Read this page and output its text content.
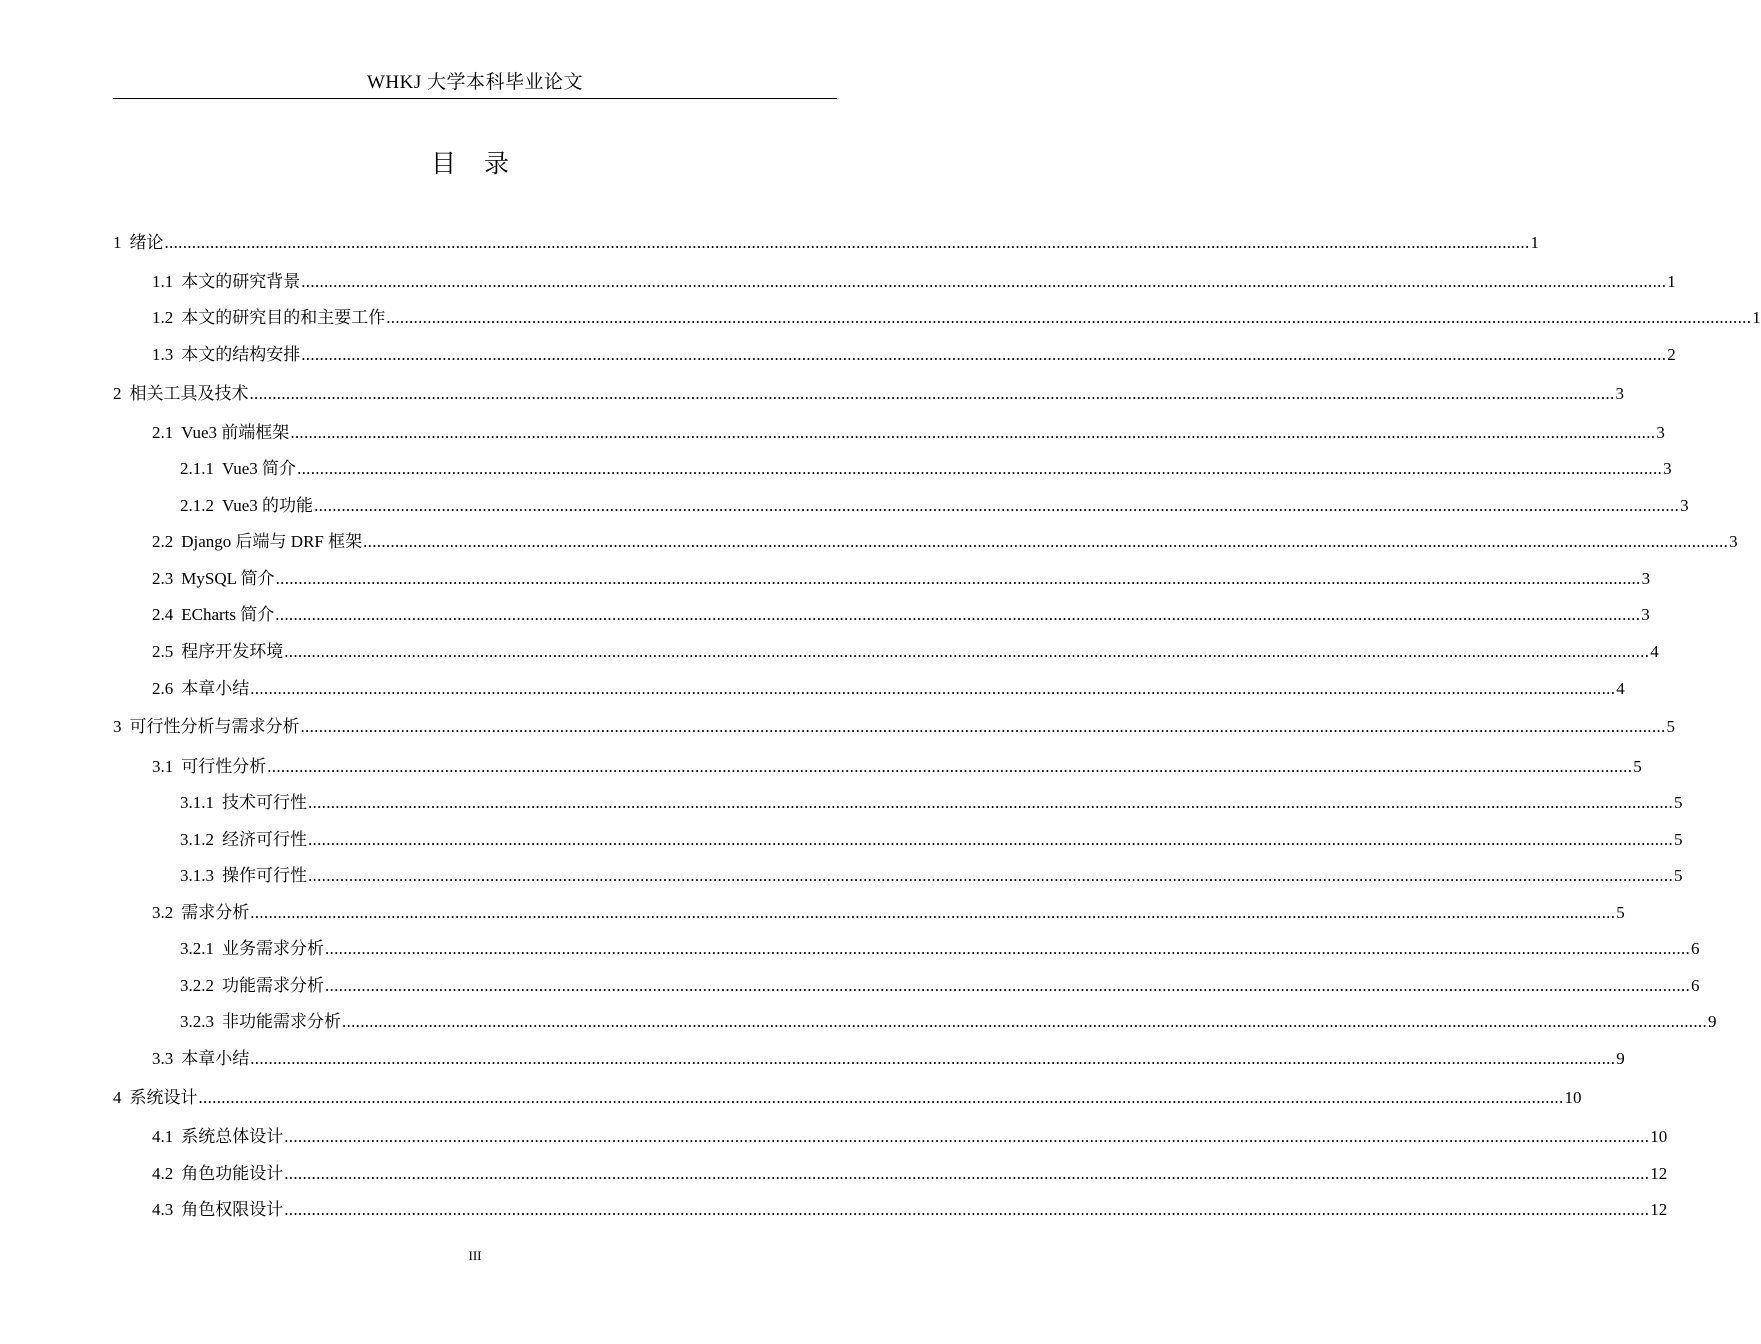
WHKJ 大学本科毕业论文
目 录
1 绪论 ............................................................................................................................................................................................................................................................................................................ 1
1.1 本文的研究背景 ............................................................................................................................................................................................................................................................................................................ 1
1.2 本文的研究目的和主要工作 ............................................................................................................................................................................................................................................................................................................ 1
1.3 本文的结构安排 ............................................................................................................................................................................................................................................................................................................ 2
2 相关工具及技术 ............................................................................................................................................................................................................................................................................................................ 3
2.1 Vue3 前端框架 ............................................................................................................................................................................................................................................................................................................ 3
2.1.1 Vue3 简介 ............................................................................................................................................................................................................................................................................................................ 3
2.1.2 Vue3 的功能 ............................................................................................................................................................................................................................................................................................................ 3
2.2 Django 后端与 DRF 框架 ............................................................................................................................................................................................................................................................................................................ 3
2.3 MySQL 简介 ............................................................................................................................................................................................................................................................................................................ 3
2.4 ECharts 简介 ............................................................................................................................................................................................................................................................................................................ 3
2.5 程序开发环境 ............................................................................................................................................................................................................................................................................................................ 4
2.6 本章小结 ............................................................................................................................................................................................................................................................................................................ 4
3 可行性分析与需求分析 ............................................................................................................................................................................................................................................................................................................ 5
3.1 可行性分析 ............................................................................................................................................................................................................................................................................................................ 5
3.1.1 技术可行性 ............................................................................................................................................................................................................................................................................................................ 5
3.1.2 经济可行性 ............................................................................................................................................................................................................................................................................................................ 5
3.1.3 操作可行性 ............................................................................................................................................................................................................................................................................................................ 5
3.2 需求分析 ............................................................................................................................................................................................................................................................................................................ 5
3.2.1 业务需求分析 ............................................................................................................................................................................................................................................................................................................ 6
3.2.2 功能需求分析 ............................................................................................................................................................................................................................................................................................................ 6
3.2.3 非功能需求分析 ............................................................................................................................................................................................................................................................................................................ 9
3.3 本章小结 ............................................................................................................................................................................................................................................................................................................ 9
4 系统设计 ............................................................................................................................................................................................................................................................................................................ 10
4.1 系统总体设计 ............................................................................................................................................................................................................................................................................................................ 10
4.2 角色功能设计 ............................................................................................................................................................................................................................................................................................................ 12
4.3 角色权限设计 ............................................................................................................................................................................................................................................................................................................ 12
III
